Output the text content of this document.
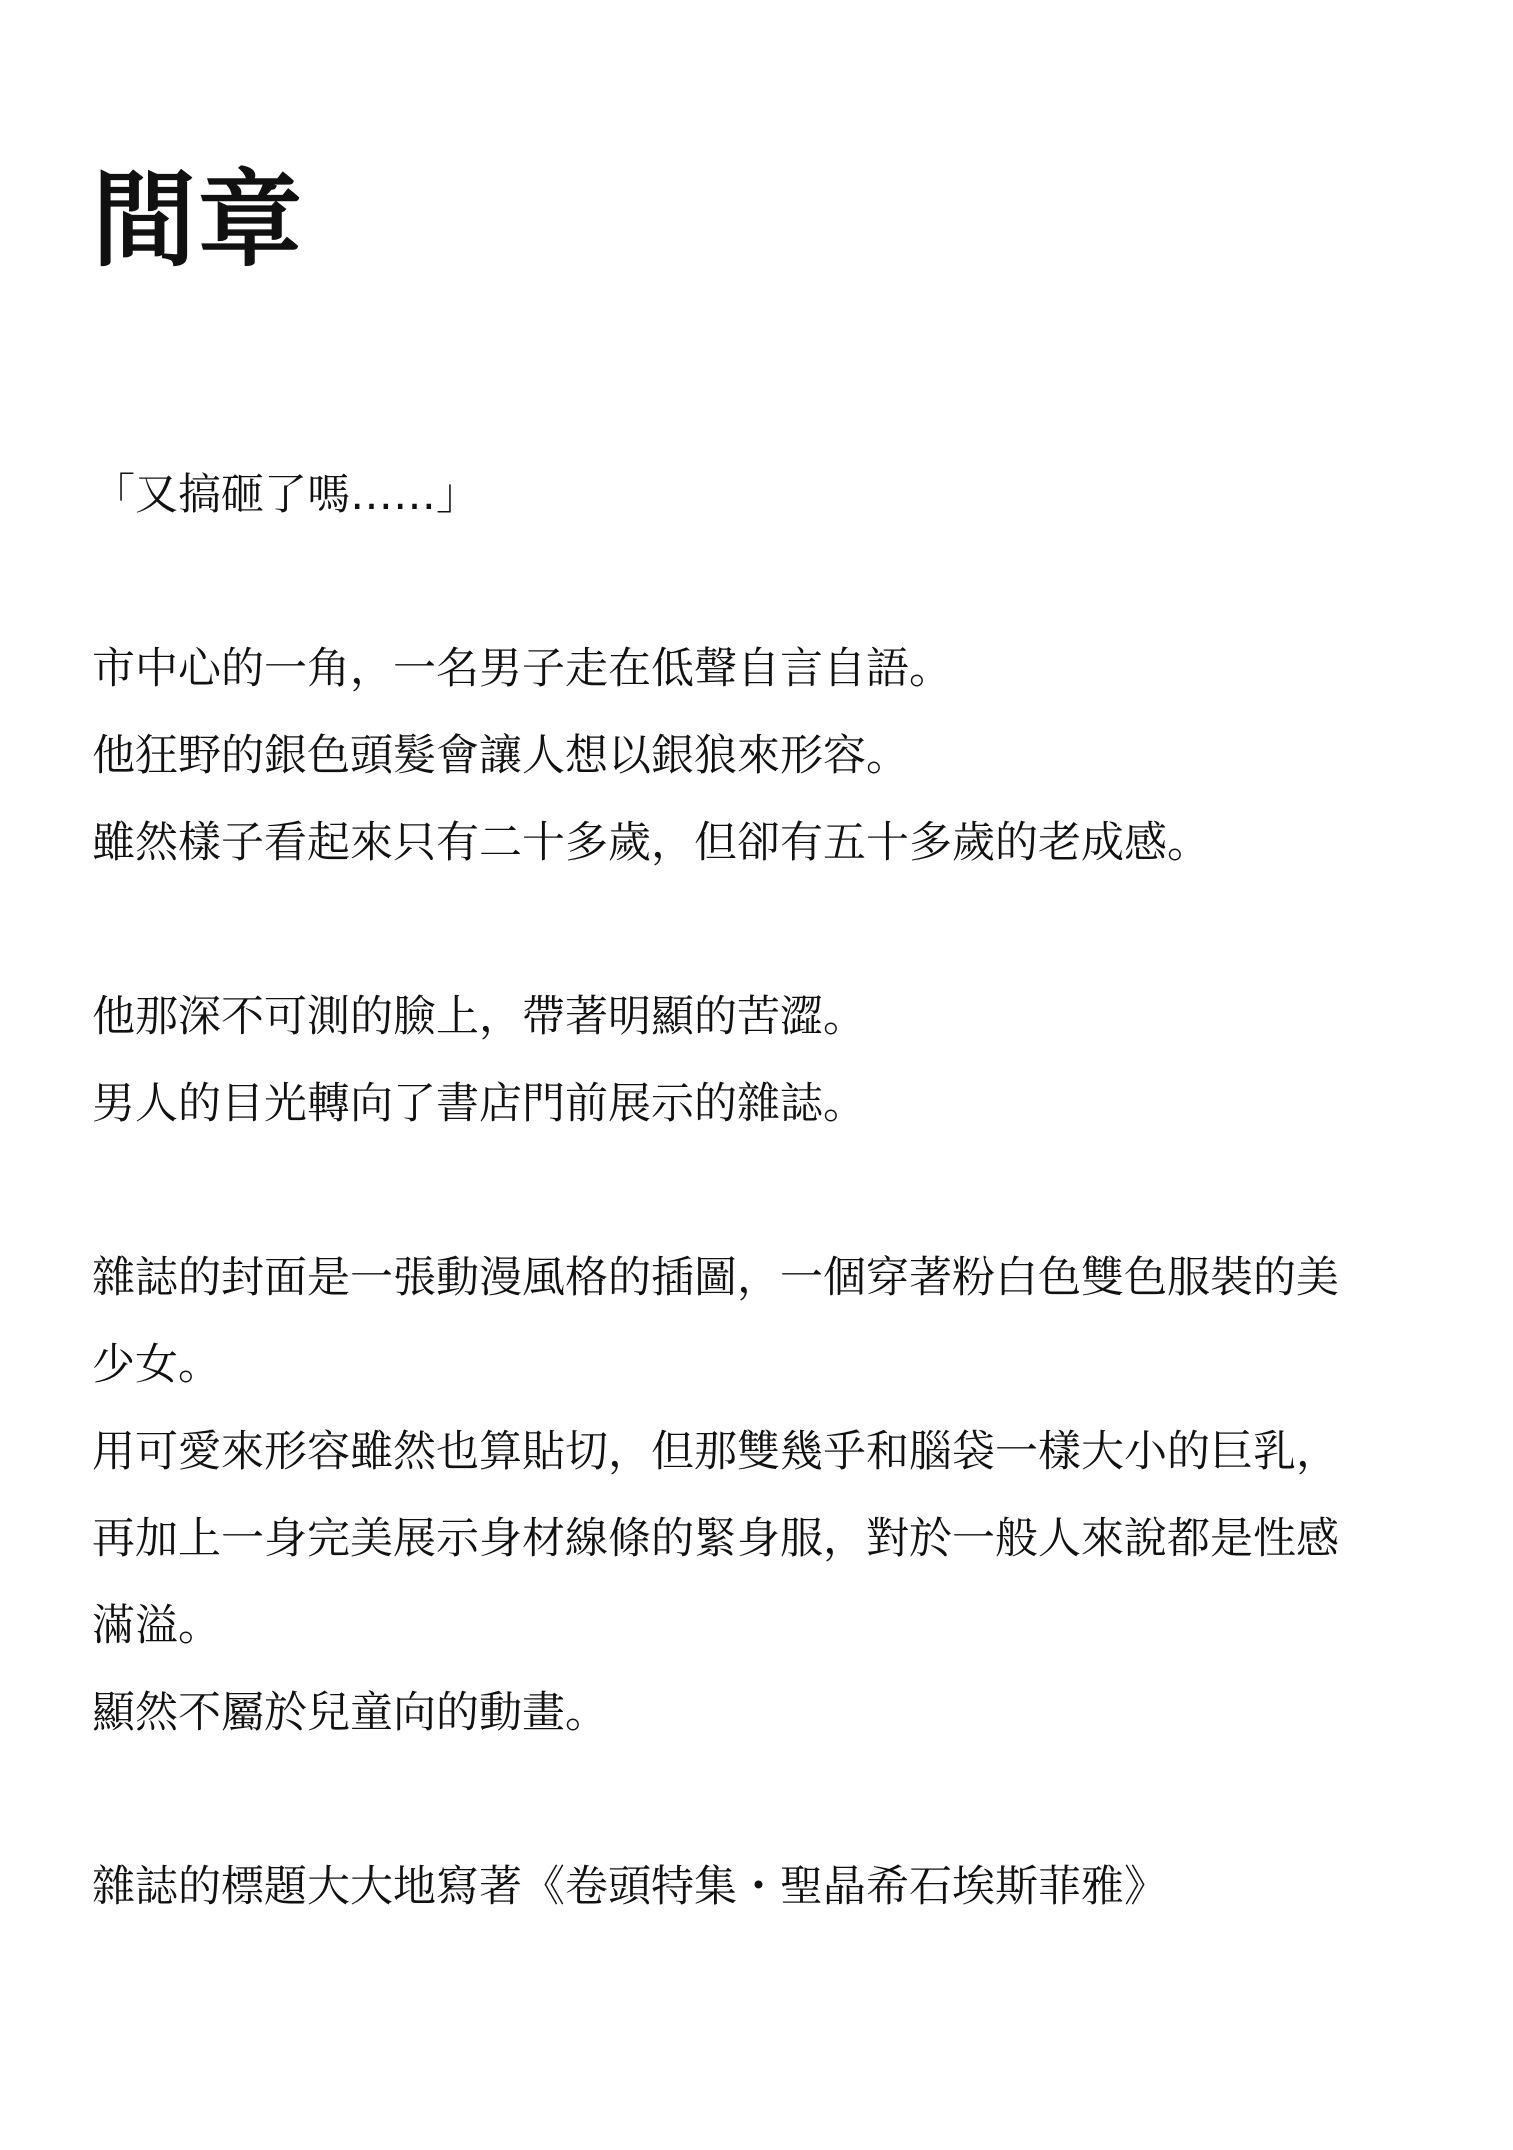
間章
「又搞砸了嗎……」
市中心的一角，一名男子走在低聲自言自語。
他狂野的銀色頭髮會讓人想以銀狼來形容。
雖然樣子看起來只有二十多歲，但卻有五十多歲的老成感。
他那深不可測的臉上，帶著明顯的苦澀。
男人的目光轉向了書店門前展示的雜誌。
雜誌的封面是一張動漫風格的插圖，一個穿著粉白色雙色服裝的美
少女。
用可愛來形容雖然也算貼切，但那雙幾乎和腦袋一樣大小的巨乳，
再加上一身完美展示身材線條的緊身服，對於一般人來說都是性感
滿溢。
顯然不屬於兒童向的動畫。
雜誌的標題大大地寫著《卷頭特集・聖晶希石埃斯菲雅》
